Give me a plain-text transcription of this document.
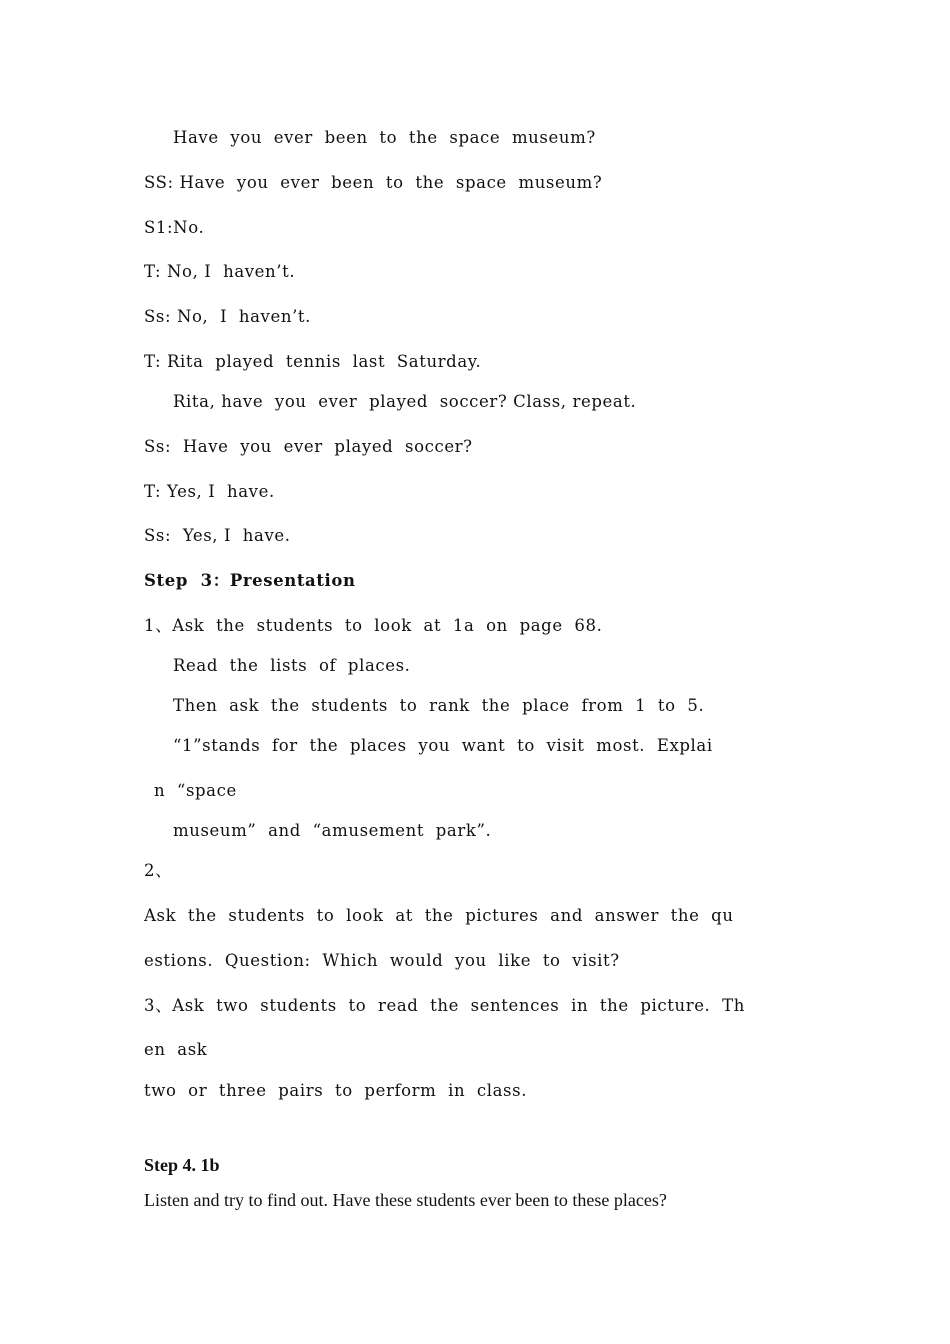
Have  you  ever  been  to  the  space  museum?
SS: Have  you  ever  been  to  the  space  museum?
S1:No.
T: No, I  haven’t.
Ss: No,  I  haven’t.
T: Rita  played  tennis  last  Saturday.
Rita, have  you  ever  played  soccer? Class, repeat.
Ss:  Have  you  ever  played  soccer?
T: Yes, I  have.
Ss:  Yes, I  have.
Step  3：Presentation
1、Ask  the  students  to  look  at  1a  on  page  68.
Read  the  lists  of  places.
Then  ask  the  students  to  rank  the  place  from  1  to  5.
“1”stands  for  the  places  you  want  to  visit  most.  Explai
n  “space
museum”  and  “amusement  park”.
2、
Ask  the  students  to  look  at  the  pictures  and  answer  the  qu
estions.  Question:  Which  would  you  like  to  visit?
3、Ask  two  students  to  read  the  sentences  in  the  picture.  Th
en  ask
two  or  three  pairs  to  perform  in  class.
Step 4. 1b
Listen and try to find out. Have these students ever been to these places?
